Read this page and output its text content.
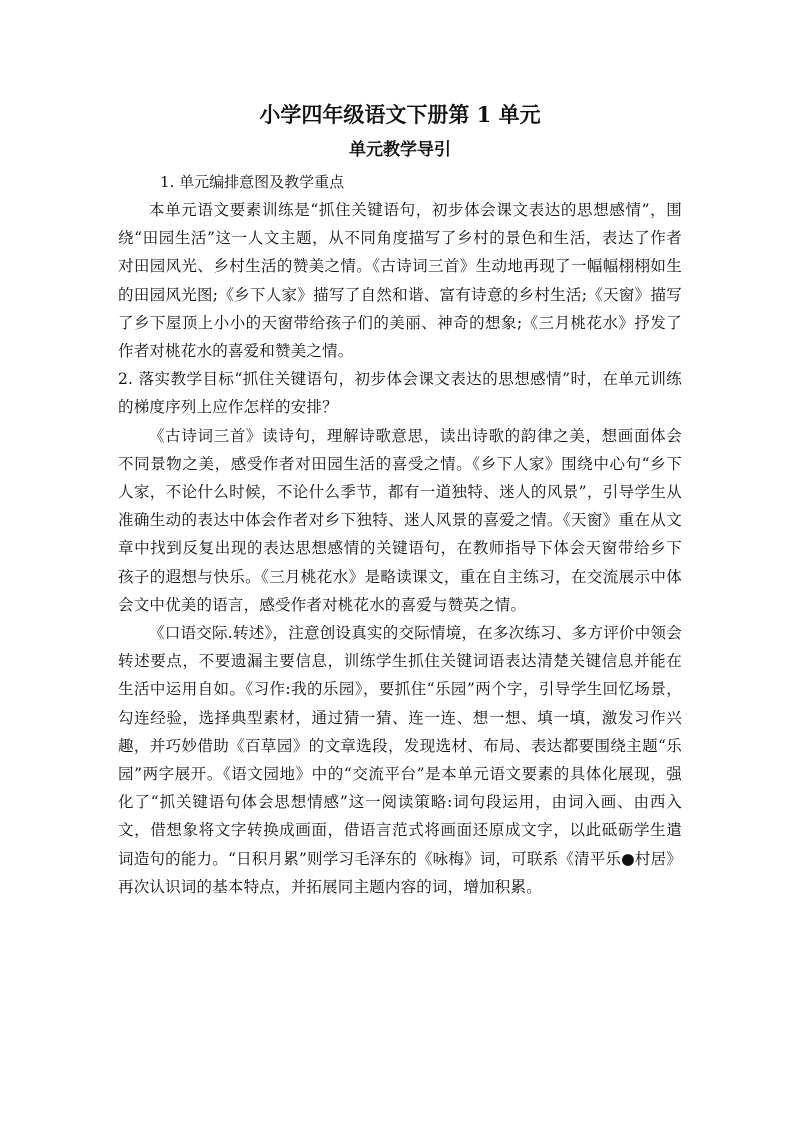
小学四年级语文下册第 1 单元
单元教学导引

1. 单元编排意图及教学重点

本单元语文要素训练是“抓住关键语句，初步体会课文表达的思想感情”，围绕“田园生活”这一人文主题，从不同角度描写了乡村的景色和生活，表达了作者对田园风光、乡村生活的赞美之情。《古诗词三首》生动地再现了一幅幅栩栩如生的田园风光图;《乡下人家》描写了自然和谐、富有诗意的乡村生活;《天窗》描写了乡下屋顶上小小的天窗带给孩子们的美丽、神奇的想象;《三月桃花水》抒发了作者对桃花水的喜爱和赞美之情。

2. 落实教学目标“抓住关键语句，初步体会课文表达的思想感情”时，在单元训练的梯度序列上应作怎样的安排？

《古诗词三首》读诗句，理解诗歌意思，读出诗歌的韵律之美，想画面体会不同景物之美，感受作者对田园生活的喜受之情。《乡下人家》围绕中心句“乡下人家，不论什么时候，不论什么季节，都有一道独特、迷人的风景”，引导学生从准确生动的表达中体会作者对乡下独特、迷人风景的喜爱之情。《天窗》重在从文章中找到反复出现的表达思想感情的关键语句，在教师指导下体会天窗带给乡下孩子的遐想与快乐。《三月桃花水》是略读课文，重在自主练习，在交流展示中体会文中优美的语言，感受作者对桃花水的喜爱与赞英之情。

《口语交际.转述》，注意创设真实的交际情境，在多次练习、多方评价中领会转述要点，不要遗漏主要信息，训练学生抓住关键词语表达清楚关键信息并能在生活中运用自如。《习作:我的乐园》，要抓住“乐园”两个字，引导学生回忆场景，勾连经验，选择典型素材，通过猜一猜、连一连、想一想、填一填，激发习作兴趣，并巧妙借助《百草园》的文章选段，发现选材、布局、表达都要围绕主题“乐园”两字展开。《语文园地》中的“交流平台”是本单元语文要素的具体化展现，强化了“抓关键语句体会思想情感”这一阅读策略:词句段运用，由词入画、由西入文，借想象将文字转换成画面，借语言范式将画面还原成文字，以此砥砺学生遣词造句的能力。“日积月累”则学习毛泽东的《咏梅》词，可联系《清平乐●村居》再次认识词的基本特点，并拓展同主题内容的词，增加积累。
